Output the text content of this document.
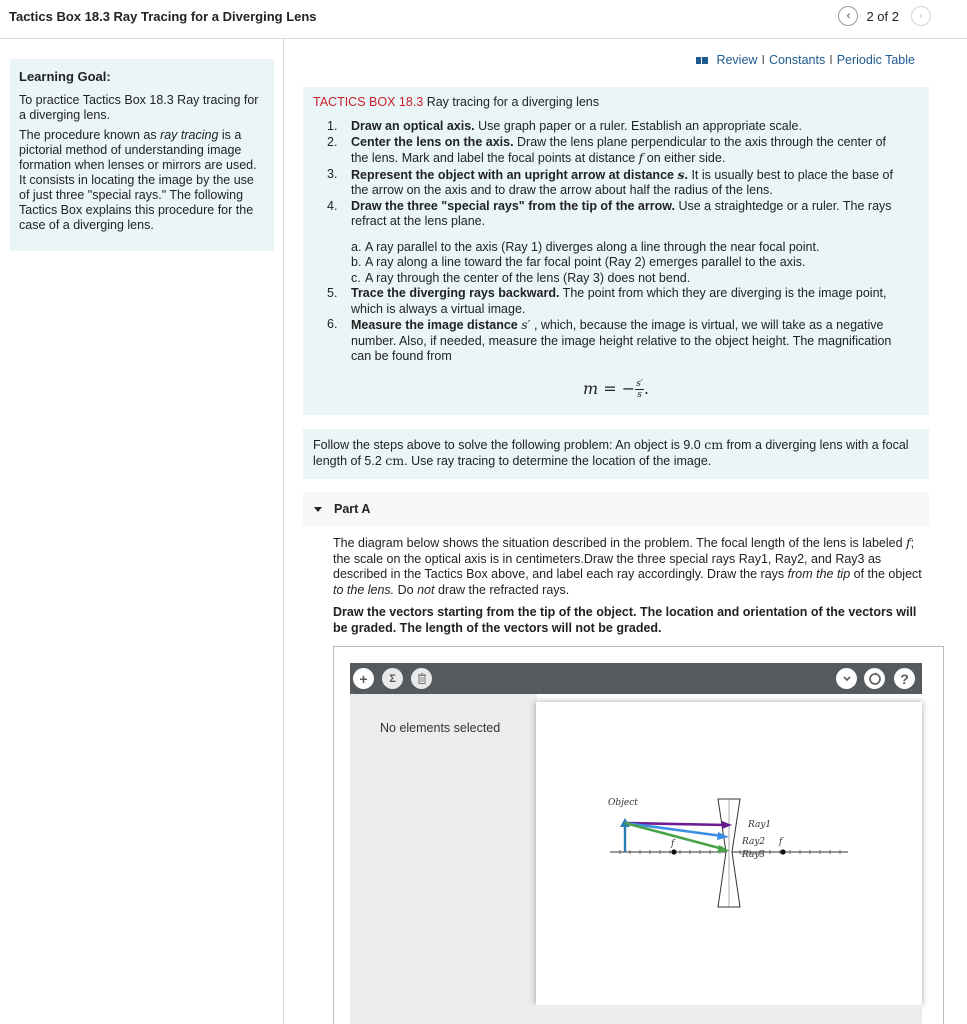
Tactics Box 18.3 Ray Tracing for a Diverging Lens	‹ 2 of 2 ›
Learning Goal:

To practice Tactics Box 18.3 Ray tracing for a diverging lens.

The procedure known as ray tracing is a pictorial method of understanding image formation when lenses or mirrors are used. It consists in locating the image by the use of just three "special rays." The following Tactics Box explains this procedure for the case of a diverging lens.

Review I Constants I Periodic Table
TACTICS BOX 18.3 Ray tracing for a diverging lens
1.	Draw an optical axis. Use graph paper or a ruler. Establish an appropriate scale.
2.	Center the lens on the axis. Draw the lens plane perpendicular to the axis through the center of the lens. Mark and label the focal points at distance f on either side.
3.	Represent the object with an upright arrow at distance s. It is usually best to place the base of the arrow on the axis and to draw the arrow about half the radius of the lens.
4.	Draw the three "special rays" from the tip of the arrow. Use a straightedge or a ruler. The rays refract at the lens plane.
a. A ray parallel to the axis (Ray 1) diverges along a line through the near focal point.
b. A ray along a line toward the far focal point (Ray 2) emerges parallel to the axis.
c. A ray through the center of the lens (Ray 3) does not bend.
5.	Trace the diverging rays backward. The point from which they are diverging is the image point, which is always a virtual image.
6.	Measure the image distance s′ , which, because the image is virtual, we will take as a negative number. Also, if needed, measure the image height relative to the object height. The magnification can be found from
m = − $\frac{s'}{s}$ .
Follow the steps above to solve the following problem: An object is 9.0 cm from a diverging lens with a focal length of 5.2 cm. Use ray tracing to determine the location of the image.
Part A

The diagram below shows the situation described in the problem. The focal length of the lens is labeled f; the scale on the optical axis is in centimeters.Draw the three special rays Ray1, Ray2, and Ray3 as described in the Tactics Box above, and label each ray accordingly. Draw the rays from the tip of the object to the lens. Do not draw the refracted rays.

Draw the vectors starting from the tip of the object. The location and orientation of the vectors will be graded. The length of the vectors will not be graded.

+ Σ	?
No elements selected
f	f
Object
Ray1
Ray2
Ray3
